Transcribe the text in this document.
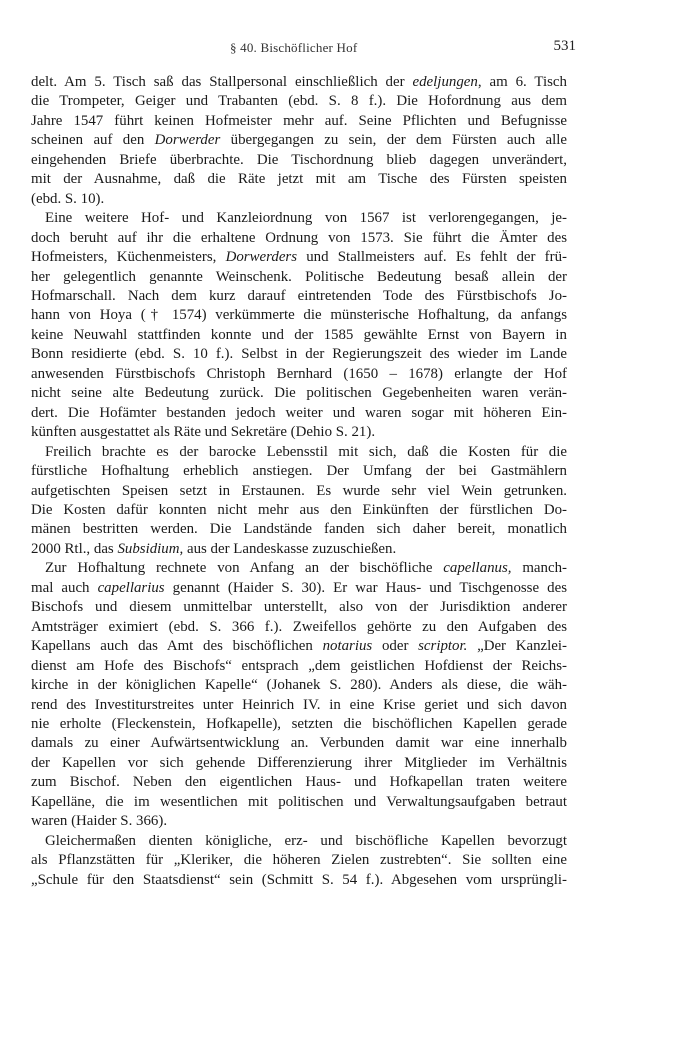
§ 40. Bischöflicher Hof	531
delt. Am 5. Tisch saß das Stallpersonal einschließlich der edeljungen, am 6. Tisch
die Trompeter, Geiger und Trabanten (ebd. S. 8 f.). Die Hofordnung aus dem
Jahre 1547 führt keinen Hofmeister mehr auf. Seine Pflichten und Befugnisse
scheinen auf den Dorwerder übergegangen zu sein, der dem Fürsten auch alle
eingehenden Briefe überbrachte. Die Tischordnung blieb dagegen unverändert,
mit der Ausnahme, daß die Räte jetzt mit am Tische des Fürsten speisten
(ebd. S. 10).
Eine weitere Hof- und Kanzleiordnung von 1567 ist verlorengegangen, je-
doch beruht auf ihr die erhaltene Ordnung von 1573. Sie führt die Ämter des
Hofmeisters, Küchenmeisters, Dorwerders und Stallmeisters auf. Es fehlt der frü-
her gelegentlich genannte Weinschenk. Politische Bedeutung besaß allein der
Hofmarschall. Nach dem kurz darauf eintretenden Tode des Fürstbischofs Jo-
hann von Hoya († 1574) verkümmerte die münsterische Hofhaltung, da anfangs
keine Neuwahl stattfinden konnte und der 1585 gewählte Ernst von Bayern in
Bonn residierte (ebd. S. 10 f.). Selbst in der Regierungszeit des wieder im Lande
anwesenden Fürstbischofs Christoph Bernhard (1650 – 1678) erlangte der Hof
nicht seine alte Bedeutung zurück. Die politischen Gegebenheiten waren verän-
dert. Die Hofämter bestanden jedoch weiter und waren sogar mit höheren Ein-
künften ausgestattet als Räte und Sekretäre (Dehio S. 21).
Freilich brachte es der barocke Lebensstil mit sich, daß die Kosten für die
fürstliche Hofhaltung erheblich anstiegen. Der Umfang der bei Gastmählern
aufgetischten Speisen setzt in Erstaunen. Es wurde sehr viel Wein getrunken.
Die Kosten dafür konnten nicht mehr aus den Einkünften der fürstlichen Do-
mänen bestritten werden. Die Landstände fanden sich daher bereit, monatlich
2000 Rtl., das Subsidium, aus der Landeskasse zuzuschießen.
Zur Hofhaltung rechnete von Anfang an der bischöfliche capellanus, manch-
mal auch capellarius genannt (Haider S. 30). Er war Haus- und Tischgenosse des
Bischofs und diesem unmittelbar unterstellt, also von der Jurisdiktion anderer
Amtsträger eximiert (ebd. S. 366 f.). Zweifellos gehörte zu den Aufgaben des
Kapellans auch das Amt des bischöflichen notarius oder scriptor. „Der Kanzlei-
dienst am Hofe des Bischofs“ entsprach „dem geistlichen Hofdienst der Reichs-
kirche in der königlichen Kapelle“ (Johanek S. 280). Anders als diese, die wäh-
rend des Investiturstreites unter Heinrich IV. in eine Krise geriet und sich davon
nie erholte (Fleckenstein, Hofkapelle), setzten die bischöflichen Kapellen gerade
damals zu einer Aufwärtsentwicklung an. Verbunden damit war eine innerhalb
der Kapellen vor sich gehende Differenzierung ihrer Mitglieder im Verhältnis
zum Bischof. Neben den eigentlichen Haus- und Hofkapellan traten weitere
Kapelläne, die im wesentlichen mit politischen und Verwaltungsaufgaben betraut
waren (Haider S. 366).
Gleichermaßen dienten königliche, erz- und bischöfliche Kapellen bevorzugt
als Pflanzstätten für „Kleriker, die höheren Zielen zustrebten“. Sie sollten eine
„Schule für den Staatsdienst“ sein (Schmitt S. 54 f.). Abgesehen vom ursprüngli-
